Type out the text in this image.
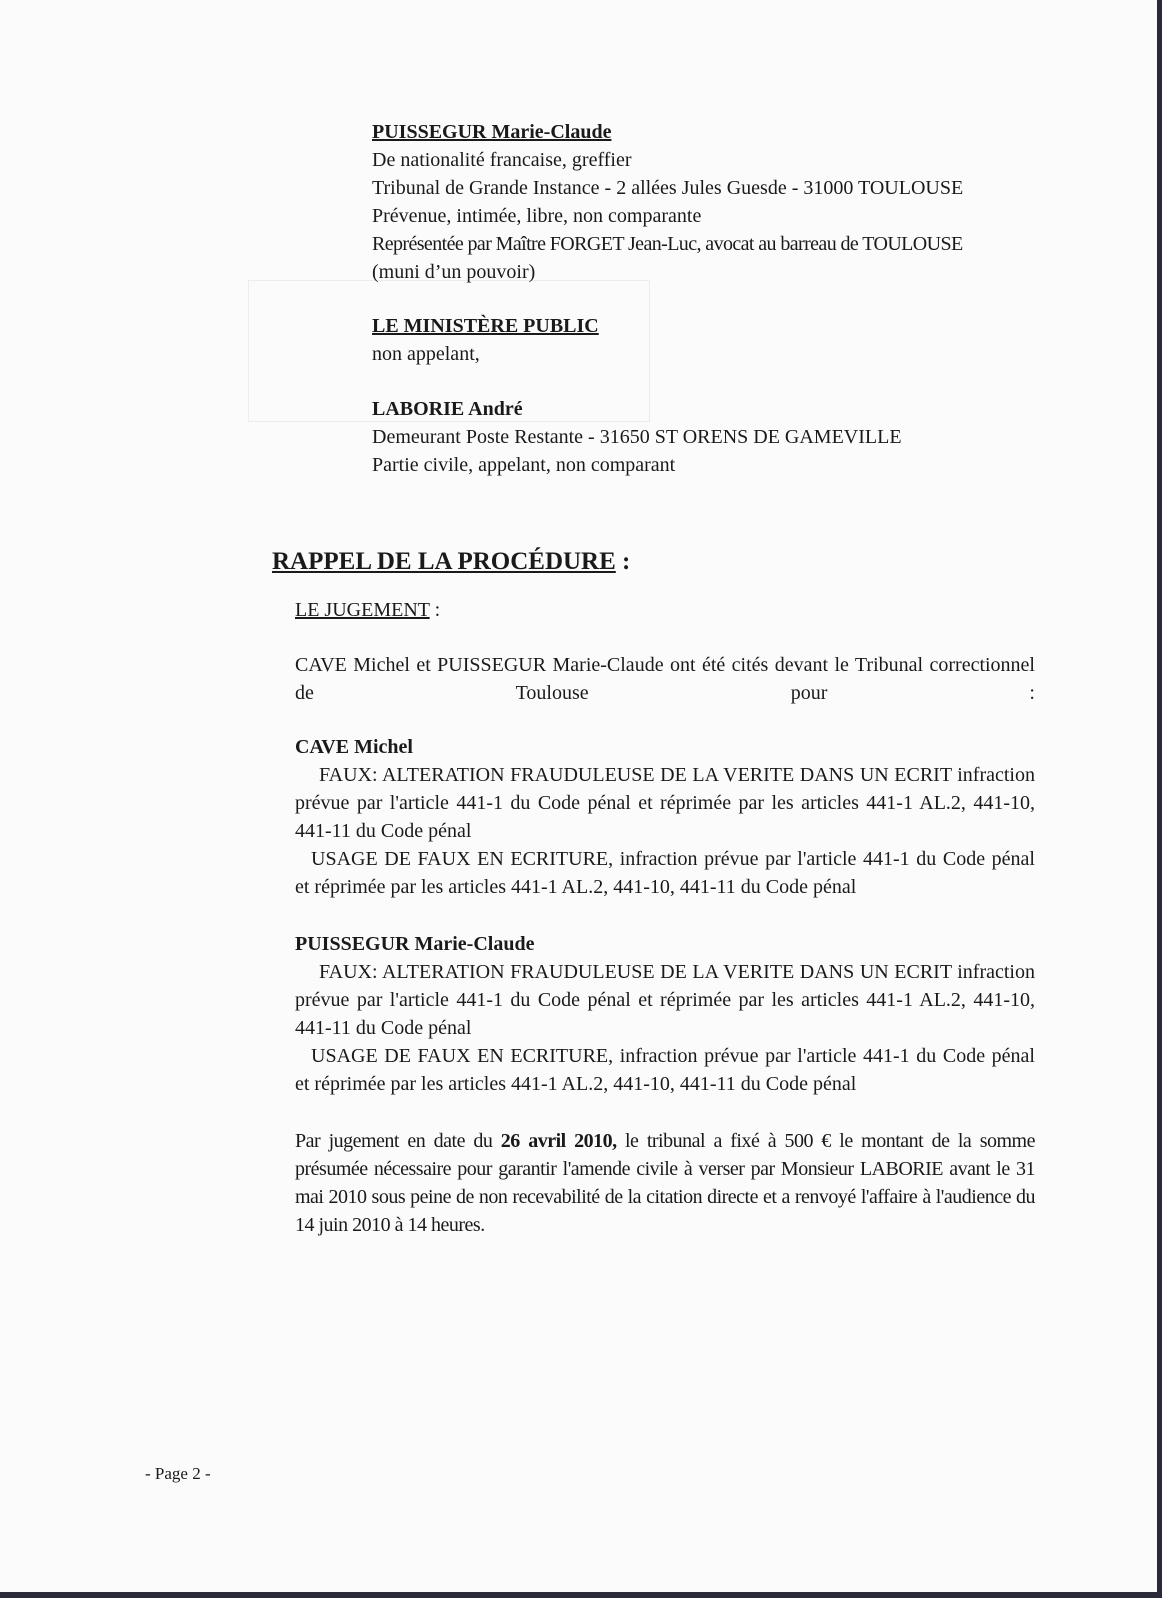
PUISSEGUR Marie-Claude
De nationalité francaise, greffier
Tribunal de Grande Instance - 2 allées Jules Guesde - 31000 TOULOUSE
Prévenue, intimée, libre, non comparante
Représentée par Maître FORGET Jean-Luc, avocat au barreau de TOULOUSE
(muni d’un pouvoir)
LE MINISTÈRE PUBLIC
non appelant,
LABORIE André
Demeurant Poste Restante - 31650 ST ORENS DE GAMEVILLE
Partie civile, appelant, non comparant
RAPPEL DE LA PROCÉDURE :
LE JUGEMENT :
CAVE Michel et PUISSEGUR Marie-Claude ont été cités devant le Tribunal correctionnel de Toulouse pour :
CAVE Michel
FAUX: ALTERATION FRAUDULEUSE DE LA VERITE DANS UN ECRIT infraction prévue par l'article 441-1 du Code pénal et réprimée par les articles 441-1 AL.2, 441-10, 441-11 du Code pénal
USAGE DE FAUX EN ECRITURE, infraction prévue par l'article 441-1 du Code pénal et réprimée par les articles 441-1 AL.2, 441-10, 441-11 du Code pénal
PUISSEGUR Marie-Claude
FAUX: ALTERATION FRAUDULEUSE DE LA VERITE DANS UN ECRIT infraction prévue par l'article 441-1 du Code pénal et réprimée par les articles 441-1 AL.2, 441-10, 441-11 du Code pénal
USAGE DE FAUX EN ECRITURE, infraction prévue par l'article 441-1 du Code pénal et réprimée par les articles 441-1 AL.2, 441-10, 441-11 du Code pénal
Par jugement en date du 26 avril 2010, le tribunal a fixé à 500 € le montant de la somme présumée nécessaire pour garantir l'amende civile à verser par Monsieur LABORIE avant le 31 mai 2010 sous peine de non recevabilité de la citation directe et a renvoyé l'affaire à l'audience du 14 juin 2010 à 14 heures.
- Page 2 -
